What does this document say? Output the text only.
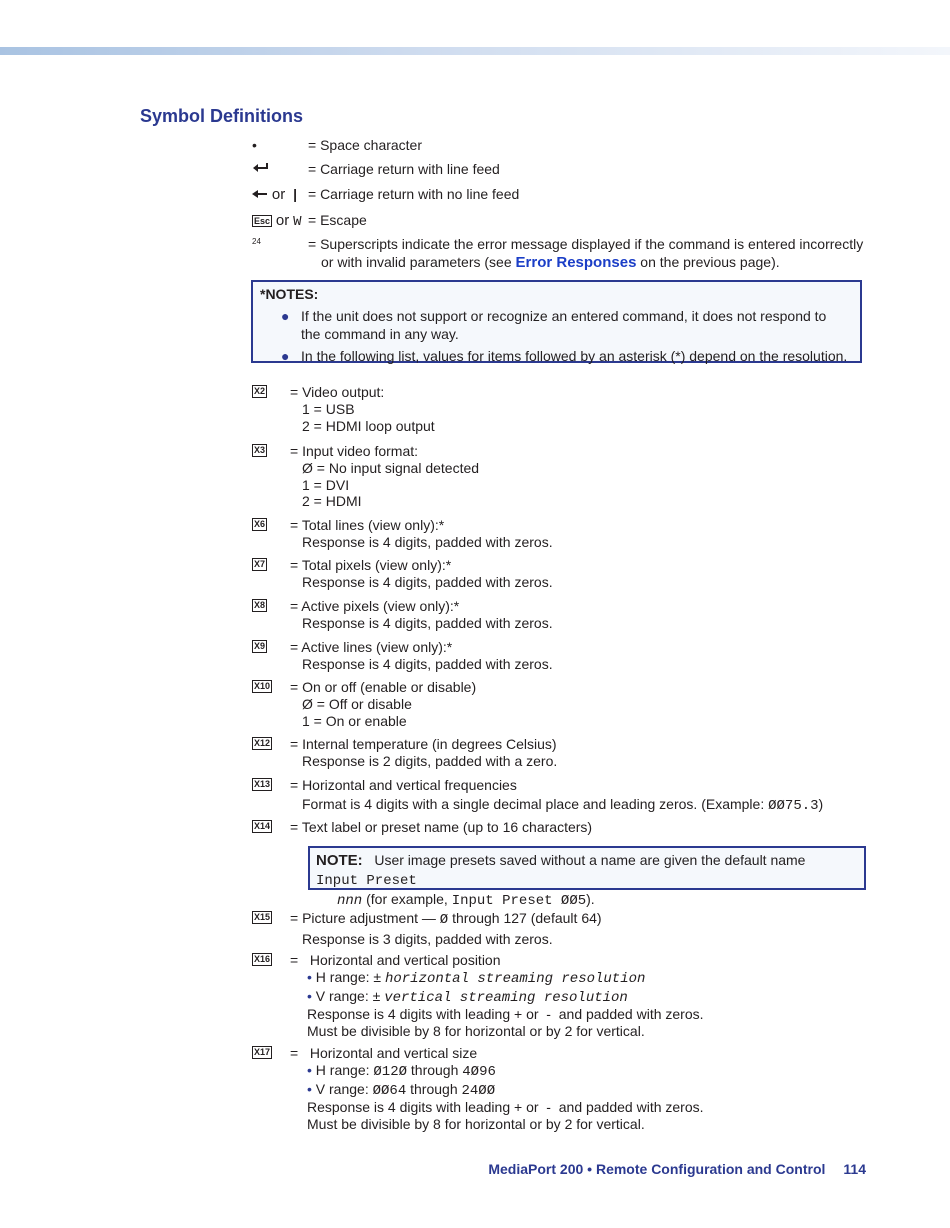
Symbol Definitions
•	= Space character
= Carriage return with line feed
or | = Carriage return with no line feed
Esc or W = Escape
24	= Superscripts indicate the error message displayed if the command is entered incorrectly
or with invalid parameters (see Error Responses on the previous page).
*NOTES:
● If the unit does not support or recognize an entered command, it does not respond to the command in any way.
● In the following list, values for items followed by an asterisk (*) depend on the resolution.
X2 = Video output:
1 = USB
2 = HDMI loop output
X3 = Input video format:
Ø = No input signal detected
1 = DVI
2 = HDMI
X6 = Total lines (view only):*
Response is 4 digits, padded with zeros.
X7 = Total pixels (view only):*
Response is 4 digits, padded with zeros.
X8 = Active pixels (view only):*
Response is 4 digits, padded with zeros.
X9 = Active lines (view only):*
Response is 4 digits, padded with zeros.
X10 = On or off (enable or disable)
Ø = Off or disable
1 = On or enable
X12 = Internal temperature (in degrees Celsius)
Response is 2 digits, padded with a zero.
X13 = Horizontal and vertical frequencies
Format is 4 digits with a single decimal place and leading zeros. (Example: ØØ75.3)
X14 = Text label or preset name (up to 16 characters)
NOTE: User image presets saved without a name are given the default name Input Preset
nnn (for example, Input Preset ØØ5).
X15 = Picture adjustment — Ø through 127 (default 64)
Response is 3 digits, padded with zeros.
X16 =   Horizontal and vertical position
• H range: ± horizontal streaming resolution
• V range: ± vertical streaming resolution
Response is 4 digits with leading + or  -  and padded with zeros.
Must be divisible by 8 for horizontal or by 2 for vertical.
X17 =   Horizontal and vertical size
• H range: Ø12Ø through 4Ø96
• V range: ØØ64 through 24ØØ
Response is 4 digits with leading + or  -  and padded with zeros.
Must be divisible by 8 for horizontal or by 2 for vertical.
MediaPort 200 • Remote Configuration and Control 114
